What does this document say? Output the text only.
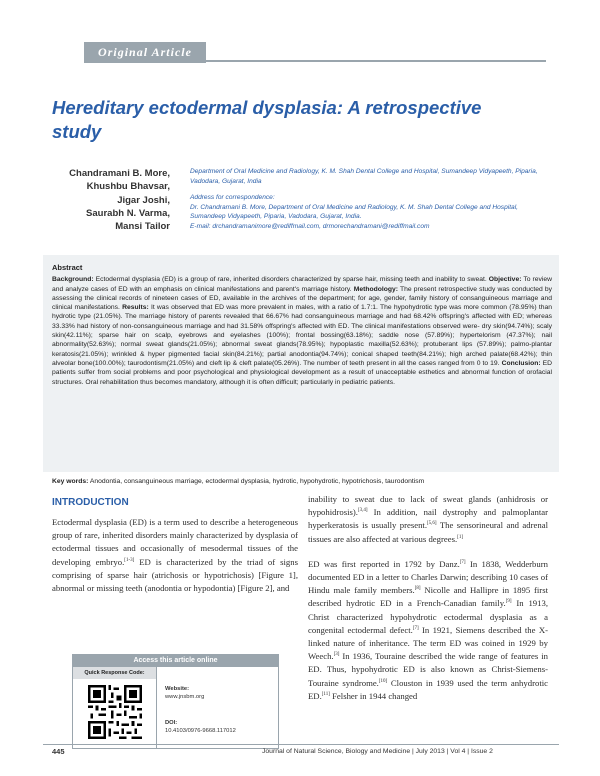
Original Article
Hereditary ectodermal dysplasia: A retrospective study
Chandramani B. More,
Khushbu Bhavsar,
Jigar Joshi,
Saurabh N. Varma,
Mansi Tailor

Department of Oral Medicine and Radiology, K. M. Shah Dental College and Hospital, Sumandeep Vidyapeeth, Piparia, Vadodara, Gujarat, India

Address for correspondence:

Dr. Chandramani B. More, Department of Oral Medicine and Radiology, K. M. Shah Dental College and Hospital, Sumandeep Vidyapeeth, Piparia, Vadodara, Gujarat, India.

E-mail: drchandramanimore@rediffmail.com, drmorechandramani@rediffmail.com

Abstract

Background: Ectodermal dysplasia (ED) is a group of rare, inherited disorders characterized by sparse hair, missing teeth and inability to sweat. Objective: To review and analyze cases of ED with an emphasis on clinical manifestations and parent's marriage history. Methodology: The present retrospective study was conducted by assessing the clinical records of nineteen cases of ED, available in the archives of the department; for age, gender, family history of consanguineous marriage and clinical manifestations. Results: It was observed that ED was more prevalent in males, with a ratio of 1.7:1. The hypohydrotic type was more common (78.95%) than hydrotic type (21.05%). The marriage history of parents revealed that 66.67% had consanguineous marriage and had 68.42% offspring's affected with ED; whereas 33.33% had history of non-consanguineous marriage and had 31.58% offspring's affected with ED. The clinical manifestations observed were- dry skin(94.74%); scaly skin(42.11%); sparse hair on scalp, eyebrows and eyelashes (100%); frontal bossing(63.18%); saddle nose (57.89%); hypertelorism (47.37%); nail abnormality(52.63%); normal sweat glands(21.05%); abnormal sweat glands(78.95%); hypoplastic maxilla(52.63%); protuberant lips (57.89%); palmo-plantar keratosis(21.05%); wrinkled & hyper pigmented facial skin(84.21%); partial anodontia(94.74%); conical shaped teeth(84.21%); high arched palate(68.42%); thin alveolar bone(100.00%); taurodontism(21.05%) and cleft lip & cleft palate(05.26%). The number of teeth present in all the cases ranged from 0 to 19. Conclusion: ED patients suffer from social problems and poor psychological and physiological development as a result of unacceptable esthetics and abnormal function of orofacial structures. Oral rehabilitation thus becomes mandatory, although it is often difficult; particularly in pediatric patients.

Key words: Anodontia, consanguineous marriage, ectodermal dysplasia, hydrotic, hypohydrotic, hypotrichosis, taurodontism
INTRODUCTION

Ectodermal dysplasia (ED) is a term used to describe a heterogeneous group of rare, inherited disorders mainly characterized by dysplasia of ectodermal tissues and occasionally of mesodermal tissues of the developing embryo.[1-3] ED is characterized by the triad of signs comprising of sparse hair (atrichosis or hypotrichosis) [Figure 1], abnormal or missing teeth (anodontia or hypodontia) [Figure 2], and

inability to sweat due to lack of sweat glands (anhidrosis or hypohidrosis).[3,4] In addition, nail dystrophy and palmoplantar hyperkeratosis is usually present.[5,6] The sensorineural and adrenal tissues are also affected at various degrees.[1]

ED was first reported in 1792 by Danz.[7] In 1838, Wedderburn documented ED in a letter to Charles Darwin; describing 10 cases of Hindu male family members.[8] Nicolle and Hallipre in 1895 first described hydrotic ED in a French-Canadian family.[9] In 1913, Christ characterized hypohydrotic ectodermal dysplasia as a congenital ectodermal defect.[7] In 1921, Siemens described the X-linked nature of inheritance. The term ED was coined in 1929 by Weech.[3] In 1936, Touraine described the wide range of features in ED. Thus, hypohydrotic ED is also known as Christ-Siemens-Touraine syndrome.[10] Clouston in 1939 used the term anhydrotic ED.[11] Felsher in 1944 changed

Access this article online
Quick Response Code:
Website:
www.jnsbm.org
DOI:
10.4103/0976-9668.117012
445	Journal of Natural Science, Biology and Medicine | July 2013 | Vol 4 | Issue 2
